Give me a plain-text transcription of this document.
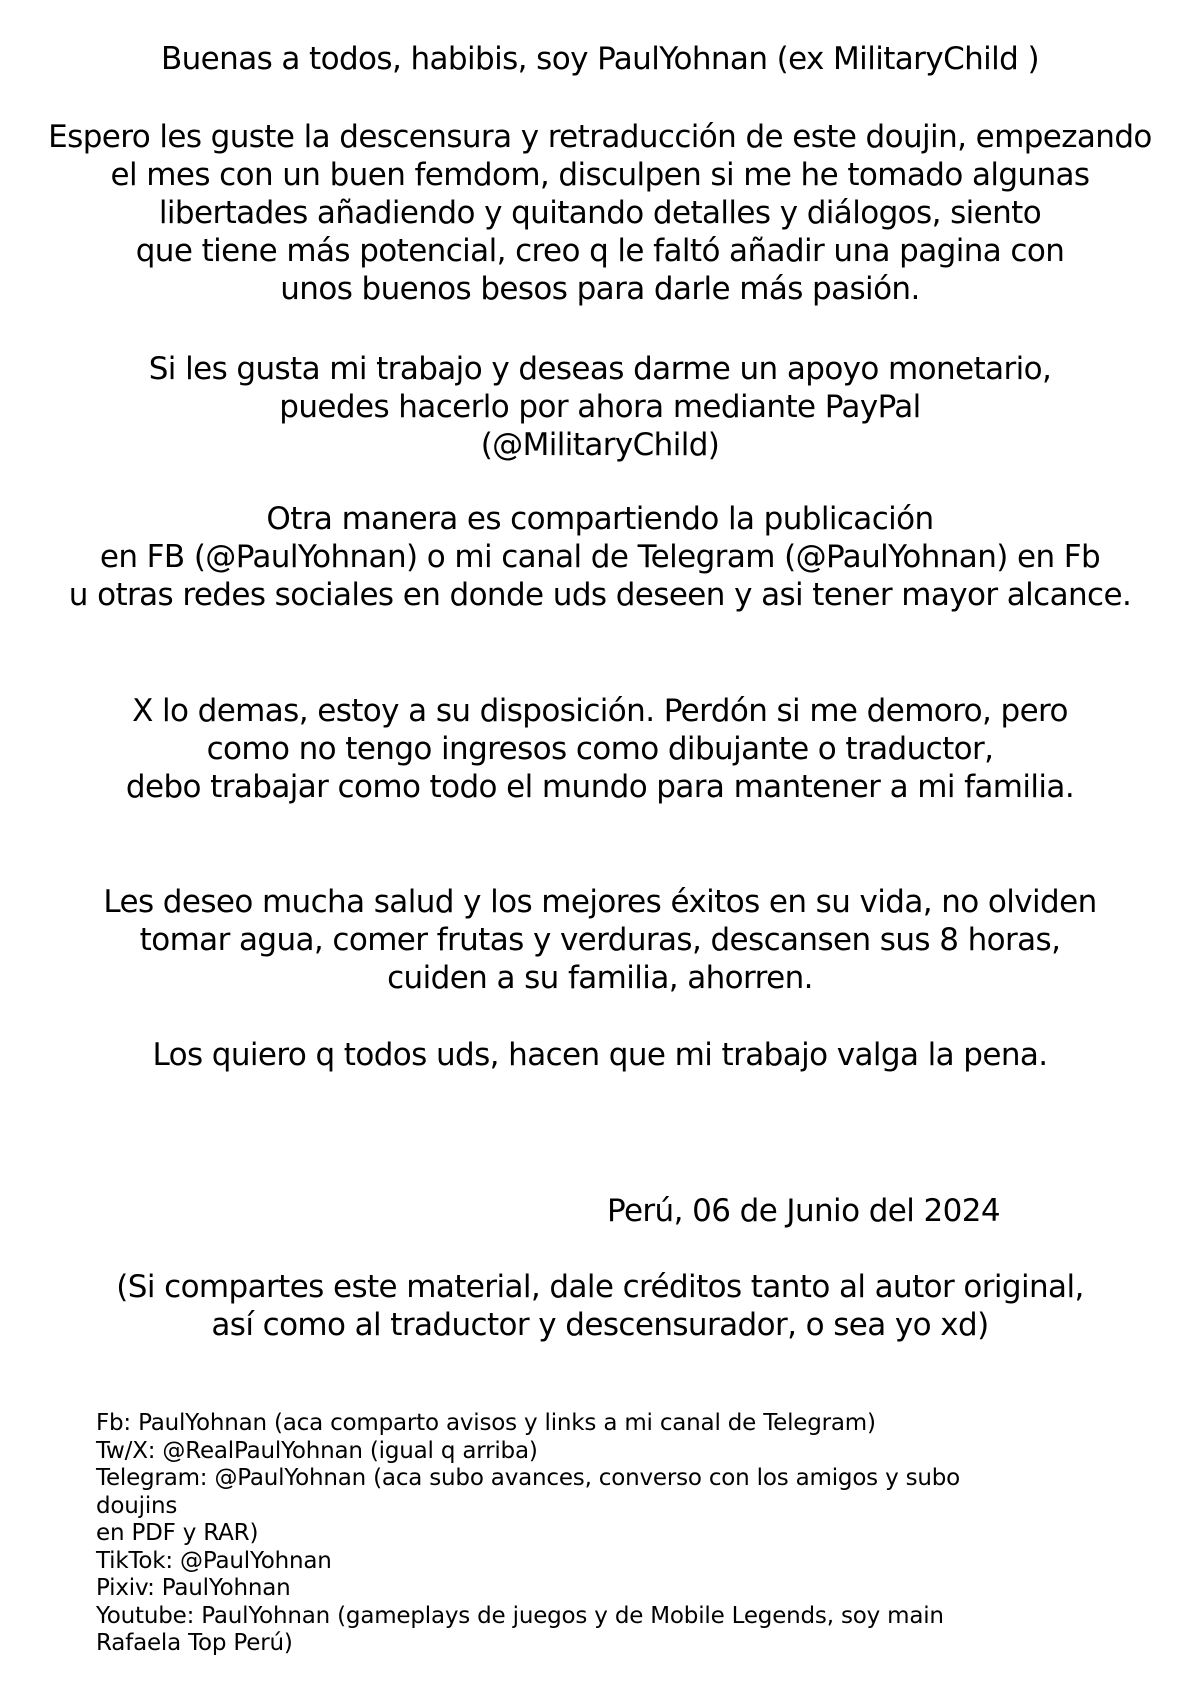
Buenas a todos, habibis, soy PaulYohnan (ex MilitaryChild )
Espero les guste la descensura y retraducción de este doujin, empezando
el mes con un buen femdom, disculpen si me he tomado algunas
libertades añadiendo y quitando detalles y diálogos, siento
que tiene más potencial, creo q le faltó añadir una pagina con
unos buenos besos para darle más pasión.
Si les gusta mi trabajo y deseas darme un apoyo monetario,
puedes hacerlo por ahora mediante PayPal
(@MilitaryChild)
Otra manera es compartiendo la publicación
en FB (@PaulYohnan) o mi canal de Telegram (@PaulYohnan) en Fb
u otras redes sociales en donde uds deseen y asi tener mayor alcance.
X lo demas, estoy a su disposición. Perdón si me demoro, pero
como no tengo ingresos como dibujante o traductor,
debo trabajar como todo el mundo para mantener a mi familia.
Les deseo mucha salud y los mejores éxitos en su vida, no olviden
tomar agua, comer frutas y verduras, descansen sus 8 horas,
cuiden a su familia, ahorren.
Los quiero q todos uds, hacen que mi trabajo valga la pena.

Perú, 06 de Junio del 2024

(Si compartes este material, dale créditos tanto al autor original,
así como al traductor y descensurador, o sea yo xd)
Fb: PaulYohnan (aca comparto avisos y links a mi canal de Telegram)
Tw/X: @RealPaulYohnan (igual q arriba)
Telegram: @PaulYohnan (aca subo avances, converso con los amigos y subo
doujins
en PDF y RAR)
TikTok: @PaulYohnan
Pixiv: PaulYohnan
Youtube: PaulYohnan (gameplays de juegos y de Mobile Legends, soy main
Rafaela Top Perú)
